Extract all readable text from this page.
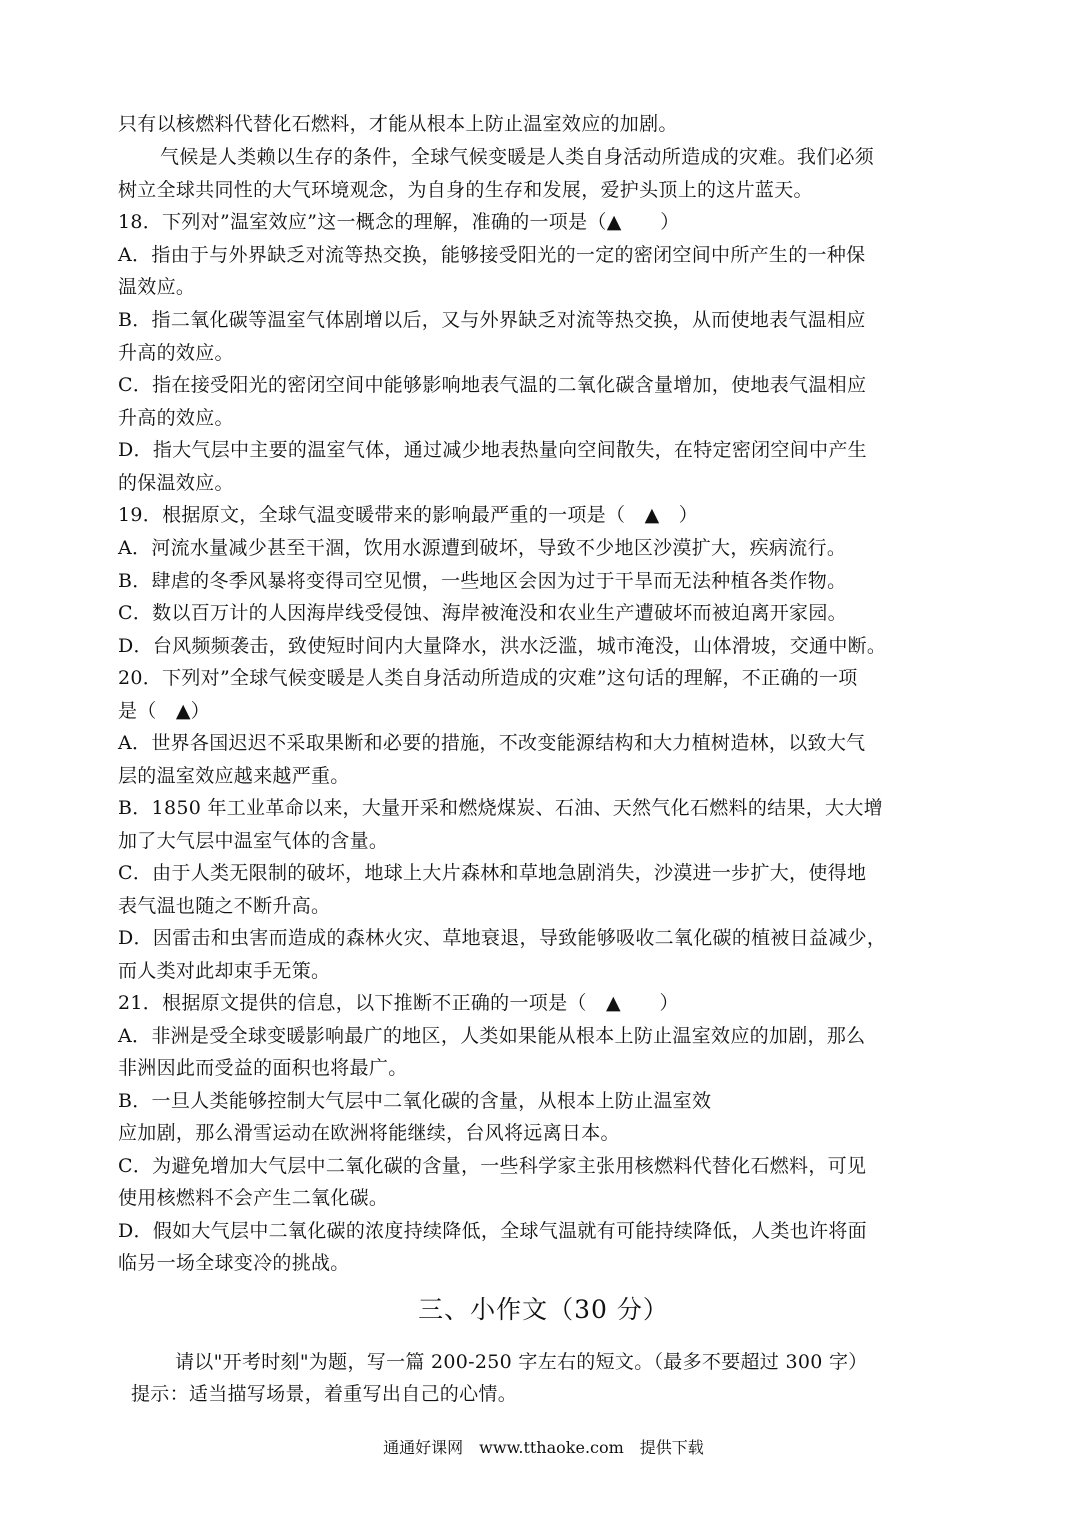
只有以核燃料代替化石燃料，才能从根本上防止温室效应的加剧。
气候是人类赖以生存的条件，全球气候变暖是人类自身活动所造成的灾难。我们必须
树立全球共同性的大气环境观念，为自身的生存和发展，爱护头顶上的这片蓝天。
18．下列对”温室效应”这一概念的理解，准确的一项是（▲　　）
A．指由于与外界缺乏对流等热交换，能够接受阳光的一定的密闭空间中所产生的一种保
温效应。
B．指二氧化碳等温室气体剧增以后，又与外界缺乏对流等热交换，从而使地表气温相应
升高的效应。
C．指在接受阳光的密闭空间中能够影响地表气温的二氧化碳含量增加，使地表气温相应
升高的效应。
D．指大气层中主要的温室气体，通过减少地表热量向空间散失，在特定密闭空间中产生
的保温效应。
19．根据原文，全球气温变暖带来的影响最严重的一项是（　▲　）
A．河流水量减少甚至干涸，饮用水源遭到破坏，导致不少地区沙漠扩大，疾病流行。
B．肆虐的冬季风暴将变得司空见惯，一些地区会因为过于干旱而无法种植各类作物。
C．数以百万计的人因海岸线受侵蚀、海岸被淹没和农业生产遭破坏而被迫离开家园。
D．台风频频袭击，致使短时间内大量降水，洪水泛滥，城市淹没，山体滑坡，交通中断。
20．下列对”全球气候变暖是人类自身活动所造成的灾难”这句话的理解，不正确的一项
是（　▲）
A．世界各国迟迟不采取果断和必要的措施，不改变能源结构和大力植树造林，以致大气
层的温室效应越来越严重。
B．1850 年工业革命以来，大量开采和燃烧煤炭、石油、天然气化石燃料的结果，大大增
加了大气层中温室气体的含量。
C．由于人类无限制的破坏，地球上大片森林和草地急剧消失，沙漠进一步扩大，使得地
表气温也随之不断升高。
D．因雷击和虫害而造成的森林火灾、草地衰退，导致能够吸收二氧化碳的植被日益减少，
而人类对此却束手无策。
21．根据原文提供的信息，以下推断不正确的一项是（　▲　　）
A．非洲是受全球变暖影响最广的地区，人类如果能从根本上防止温室效应的加剧，那么
非洲因此而受益的面积也将最广。
B．一旦人类能够控制大气层中二氧化碳的含量，从根本上防止温室效
应加剧，那么滑雪运动在欧洲将能继续，台风将远离日本。
C．为避免增加大气层中二氧化碳的含量，一些科学家主张用核燃料代替化石燃料，可见
使用核燃料不会产生二氧化碳。
D．假如大气层中二氧化碳的浓度持续降低，全球气温就有可能持续降低，人类也许将面
临另一场全球变冷的挑战。
三、小作文（30 分）
请以"开考时刻"为题，写一篇 200-250 字左右的短文。（最多不要超过 300 字）
提示：适当描写场景，着重写出自己的心情。
通通好课网　www.tthaoke.com　提供下载
